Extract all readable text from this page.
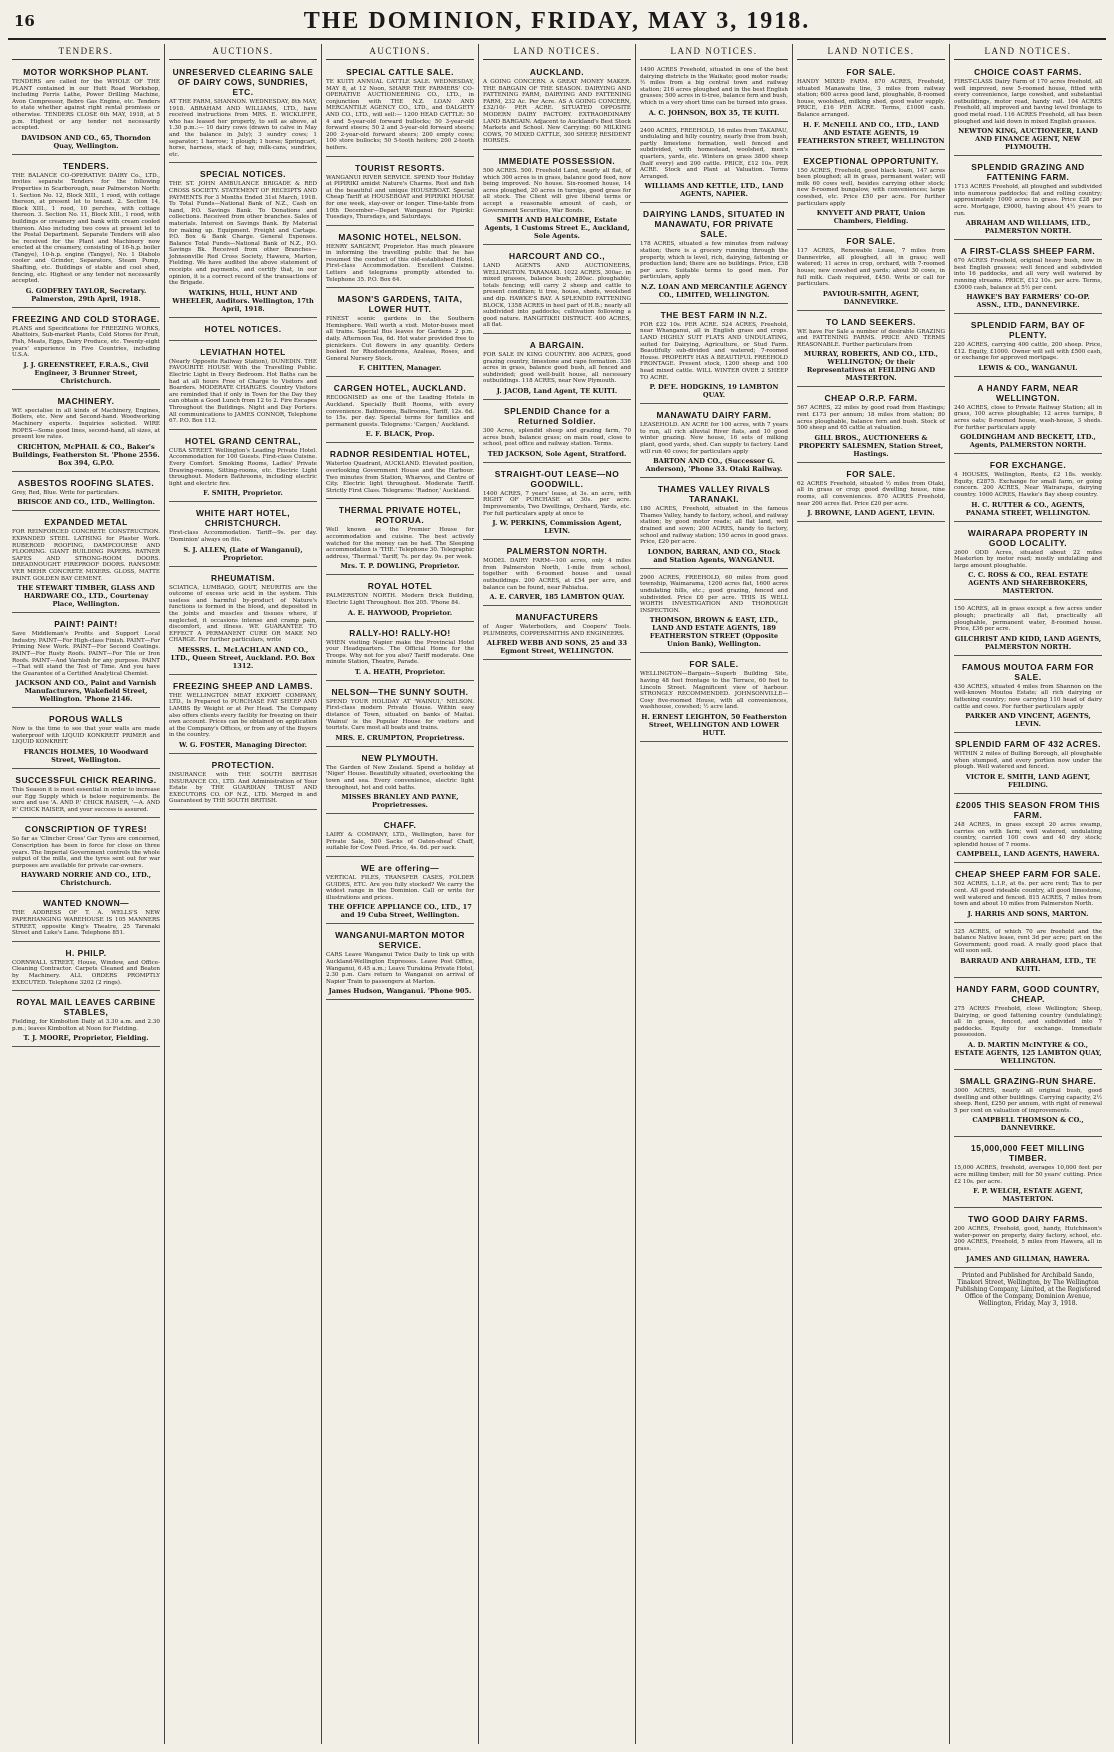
16	THE DOMINION, FRIDAY, MAY 3, 1918.
TENDERS.
MOTOR WORKSHOP PLANT.
TENDERS are called for the WHOLE OF THE PLANT contained in our Hutt Road Workshop, including Ferris Lathe, Power Drilling Machine, Avon Compressor, Bebro Gas Engine, etc. Tenders to state whether against right rental promises or otherwise. TENDERS CLOSE 6th MAY, 1918, at 5 p.m. Highest or any tender not necessarily accepted.
DAVIDSON AND CO., 65, Thorndon Quay, Wellington.
TENDERS.
THE BALANCE CO-OPERATIVE DAIRY Co., LTD., invites separate Tenders for the following Properties in Scarborough, near Palmerston North: 1. Section No. 12, Block XIII., 1 rood, with cottage thereon, at present let to tenant. 2. Section 14, Block XIII., 1 rood, 10 perches, with cottage thereon. 3. Section No. 11, Block XIII., 1 rood, with buildings or creamery and bank with cream cooled thereon. Also including two cows at present let to the Postal Department. Separate Tenders will also be received for the Plant and Machinery now erected at the creamery, consisting of 16-h.p. boiler (Tangye), 10-h.p. engine (Tangye), No. 1 Diabolo cooler and Grinder, Separators, Steam Pump, Shafting, etc. Buildings of stable and cool shed, fencing, etc. Highest or any tender not necessarily accepted.
G. GODFREY TAYLOR, Secretary. Palmerston, 29th April, 1918.
FREEZING AND COLD STORAGE.
PLANS and Specifications for FREEZING WORKS, Abattoirs, Sub-market Plants, Cold Stores for Fruit, Fish, Meats, Eggs, Dairy Produce, etc. Twenty-eight years' experience in Five Countries, including U.S.A.
J. J. GREENSTREET, F.R.A.S., Civil Engineer, 3 Brunner Street, Christchurch.
MACHINERY.
WE specialise in all kinds of Machinery, Engines, Boilers, etc. New and Second-hand. Woodworking Machinery experts. Inquiries solicited. WIRE ROPES—Some good lines, second-hand, all sizes, at present low rates.
CRICHTON, McPHAIL & CO., Baker's Buildings, Featherston St. 'Phone 2556. Box 394, G.P.O.
ASBESTOS ROOFING SLATES.
Grey, Red, Blue. Write for particulars.
BRISCOE AND CO., LTD., Wellington.
EXPANDED METAL
FOR REINFORCED CONCRETE CONSTRUCTION. EXPANDED STEEL LATHING for Plaster Work. RUBEROID ROOFING, DAMPCOURSE AND FLOORING. GIANT BUILDING PAPERS. RATNER SAFES AND STRONG-ROOM DOORS. DREADNOUGHT FIREPROOF DOORS. RANSOME VER MEHR CONCRETE MIXERS. GLOSS, MATTE PAINT. GOLDEN BAY CEMENT.
THE STEWART TIMBER, GLASS AND HARDWARE CO., LTD., Courtenay Place, Wellington.
PAINT! PAINT!
Save Middleman's Profits and Support Local Industry. PAINT—For High-class Finish. PAINT—For Priming New Work. PAINT—For Second Coatings. PAINT—For Rusty Roofs. PAINT—For Tile or Iron Roofs. PAINT—And Varnish for any purpose. PAINT—That will stand the Test of Time. And you have the Guarantee of a Certified Analytical Chemist.
JACKSON AND CO., Paint and Varnish Manufacturers, Wakefield Street, Wellington. 'Phone 2146.
POROUS WALLS
Now is the time to see that your walls are made waterproof with LIQUID KONKREIT PRIMER and LIQUID KONKREIT.
FRANCIS HOLMES, 10 Woodward Street, Wellington.
SUCCESSFUL CHICK REARING.
This Season it is most essential in order to increase our Egg Supply which is below requirements. Be sure and use 'A. AND P.' CHICK RAISER, '—A. AND P.' CHICK RAISER, and your success is assured.
CONSCRIPTION OF TYRES!
So far as 'Clincher Cross' Car Tyres are concerned, Conscription has been in force for close on three years. The Imperial Government controls the whole output of the mills, and the tyres sent out for war purposes are available for private car-owners.
HAYWARD NORRIE AND CO., LTD., Christchurch.
WANTED KNOWN—
THE ADDRESS OF T. A. WELLS'S NEW PAPERHANGING WAREHOUSE IS 105 MANNERS STREET, opposite King's Theatre, 25 Tarenaki Street and Luke's Lane. Telephone 851.
H. PHILP.
CORNWALL STREET, House, Window, and Office-Cleaning Contractor. Carpets Cleaned and Beaten by Machinery. ALL ORDERS PROMPTLY EXECUTED. Telephone 3202 (2 rings).
ROYAL MAIL LEAVES CARBINE STABLES,
Fielding, for Kimbolton Daily at 3.30 a.m. and 2.30 p.m.; leaves Kimbolton at Noon for Fielding.
T. J. MOORE, Proprietor, Fielding.
AUCTIONS.
UNRESERVED CLEARING SALE OF DAIRY COWS, SUNDRIES, ETC.
AT THE FARM, SHANNON. WEDNESDAY, 8th MAY, 1918. ABRAHAM AND WILLIAMS, LTD., have received instructions from MRS. E. WICKLIFFE, who has leased her property, to sell as above, at 1.30 p.m.:— 10 dairy cows (drawn to calve in May and the balance in July); 3 sundry cows; 1 separator; 1 harrow; 1 plough; 1 horse; Springcart, horse, harness, stack of hay, milk-cans, sundries, etc.
SPECIAL NOTICES.
THE ST. JOHN AMBULANCE BRIGADE & RED CROSS SOCIETY. STATEMENT OF RECEIPTS AND PAYMENTS For 3 Months Ended 31st March, 1918. To Total Funds—National Bank of N.Z., Cash on hand, P.O. Savings Bank. To Donations and collections. Received from other branches. Sales of materials. Interest on Savings Bank. By Material for making up. Equipment. Freight and Cartage. P.O. Box & Bank Charge. General Expenses. Balance Total Funds—National Bank of N.Z., P.O. Savings Bk. Received from other Branches—Johnsonville Red Cross Society, Hawera, Marton, Fielding. We have audited the above statement of receipts and payments, and certify that, in our opinion, it is a correct record of the transactions of the Brigade.
WATKINS, HULL, HUNT AND WHEELER, Auditors. Wellington, 17th April, 1918.
HOTEL NOTICES.
LEVIATHAN HOTEL
(Nearly Opposite Railway Station), DUNEDIN. THE FAVOURITE HOUSE With the Travelling Public. Electric Light in Every Bedroom. Hot Baths can be had at all hours Free of Charge to Visitors and Boarders. MODERATE CHARGES. Country Visitors are reminded that if only in Town for the Day they can obtain a Good Lunch from 12 to 2. Fire Escapes Throughout the Buildings. Night and Day Porters. All communications to JAMES CONNOR, Telephone 67. P.O. Box 112.
HOTEL GRAND CENTRAL,
CUBA STREET. Wellington's Leading Private Hotel. Accommodation for 100 Guests. First-class Cuisine. Every Comfort. Smoking Rooms, Ladies' Private Drawing-rooms, Sitting-rooms, etc. Electric Light throughout. Modern Bathrooms, including electric light and electric fire.
F. SMITH, Proprietor.
WHITE HART HOTEL, CHRISTCHURCH.
First-class Accommodation. Tariff—9s. per day. 'Dominion' always on file.
S. J. ALLEN, (Late of Wanganui), Proprietor.
RHEUMATISM.
SCIATICA, LUMBAGO, GOUT, NEURITIS are the outcome of excess uric acid in the system. This useless and harmful by-product of Nature's functions is formed in the blood, and deposited in the joints and muscles and tissues where, if neglected, it occasions intense and cramp pain, discomfort, and illness. WE GUARANTEE TO EFFECT A PERMANENT CURE OR MAKE NO CHARGE. For further particulars, write
MESSRS. L. McLACHLAN AND CO., LTD., Queen Street, Auckland. P.O. Box 1312.
FREEZING SHEEP AND LAMBS.
THE WELLINGTON MEAT EXPORT COMPANY, LTD., Is Prepared to PURCHASE FAT SHEEP AND LAMBS By Weight or at Per Head. The Company also offers clients every facility for freezing on their own account. Prices can be obtained on application at the Company's Offices, or from any of the Buyers in the country.
W. G. FOSTER, Managing Director.
PROTECTION.
INSURANCE with THE SOUTH BRITISH INSURANCE CO., LTD. And Administration of Your Estate by THE GUARDIAN TRUST AND EXECUTORS CO. OF N.Z., LTD. Merged in and Guaranteed by THE SOUTH BRITISH.
AUCTIONS.
SPECIAL CATTLE SALE.
TE KUITI ANNUAL CATTLE SALE. WEDNESDAY, MAY 8, at 12 Noon, SHARP. THE FARMERS' CO-OPERATIVE AUCTIONEERING CO., LTD., in conjunction with THE N.Z. LOAN AND MERCANTILE AGENCY CO., LTD., and DALGETY AND CO., LTD., will sell:— 1200 HEAD CATTLE: 50 4 and 5-year-old forward bullocks; 50 3-year-old forward steers; 50 2 and 3-year-old forward steers; 200 2-year-old forward steers; 200 empty cows; 100 store bullocks; 50 5-tooth heifers; 200 2-tooth heifers.
TOURIST RESORTS.
WANGANUI RIVER SERVICE. SPEND Your Holiday at PIPIRIKI amidst Nature's Charms. Rest and fish at the beautiful and unique HOUSEBOAT. Special Cheap Tariff at HOUSEBOAT and PIPIRIKI HOUSE for one week, stay-over or longer. Time-table from 10th December—Depart Wanganui for Pipiriki: Tuesdays, Thursdays, and Saturdays.
MASONIC HOTEL, NELSON.
HENRY SARGENT, Proprietor. Has much pleasure in informing the travelling public that he has resumed the conduct of this old-established Hotel. First-class Accommodation. Excellent Cuisine. Letters and telegrams promptly attended to. Telephone 35. P.O. Box 64.
MASON'S GARDENS, TAITA, LOWER HUTT.
FINEST scenic gardens in the Southern Hemisphere. Well worth a visit. Motor-buses meet all trains. Special Bus leaves for Gardens 2 p.m. daily. Afternoon Tea, 6d. Hot water provided free to picnickers. Cut flowers in any quantity. Orders booked for Rhododendrons, Azaleas, Roses, and General Nursery Stock.
F. CHITTEN, Manager.
CARGEN HOTEL, AUCKLAND.
RECOGNISED as one of the Leading Hotels in Auckland. Specially Built Rooms, with every convenience. Bathrooms, Ballrooms, Tariff, 12s. 6d. to 15s. per day. Special terms for families and permanent guests. Telegrams: 'Cargen,' Auckland.
E. F. BLACK, Prop.
RADNOR RESIDENTIAL HOTEL,
Waterloo Quadrant, AUCKLAND. Elevated position, overlooking Government House and the Harbour. Two minutes from Station, Wharves, and Centre of City. Electric light throughout. Moderate Tariff. Strictly First Class. Telegrams: 'Radnor,' Auckland.
THERMAL PRIVATE HOTEL, ROTORUA.
Well known as the Premier House for accommodation and cuisine. The best actively watched for the money can be had. The Sleeping accommodation is 'THE.' Telephone 30. Telegraphic address, 'Thermal.' Tariff, 7s. per day. 9s. per week.
Mrs. T. P. DOWLING, Proprietor.
ROYAL HOTEL
PALMERSTON NORTH. Modern Brick Building, Electric Light Throughout. Box 205. 'Phone 84.
A. E. HAYWOOD, Proprietor.
RALLY-HO! RALLY-HO!
WHEN visiting Napier make the Provincial Hotel your Headquarters. The Official Home for the Troops. Why not for you also? Tariff moderate. One minute Station, Theatre, Parade.
T. A. HEATH, Proprietor.
NELSON—THE SUNNY SOUTH.
SPEND YOUR HOLIDAY AT 'WAINUI,' NELSON. First-class modern Private House. Within easy distance of Town, situated on banks of Maitai. 'Wainui' is the Popular House for visitors and tourists. Care most all boats and trains.
MRS. E. CRUMPTON, Proprietress.
NEW PLYMOUTH.
The Garden of New Zealand. Spend a holiday at 'Niger' House. Beautifully situated, overlooking the town and sea. Every convenience, electric light throughout, hot and cold baths.
MISSES BRANLEY AND PAYNE, Proprietresses.
CHAFF.
LAIRY & COMPANY, LTD., Wellington, have for Private Sale, 500 Sacks of Oaten-sheaf Chaff, suitable for Cow Feed. Price, 4s. 6d. per sack.
WE are offering—
VERTICAL FILES, TRANSFER CASES, FOLDER GUIDES, ETC. Are you fully stocked? We carry the widest range in the Dominion. Call or write for illustrations and prices.
THE OFFICE APPLIANCE CO., LTD., 17 and 19 Cuba Street, Wellington.
WANGANUI-MARTON MOTOR SERVICE.
CARS Leave Wanganui Twice Daily to link up with Auckland-Wellington Expresses. Leave Post Office, Wanganui, 6.45 a.m.; Leave Turakina Private Hotel, 2.30 p.m. Cars return to Wanganui on arrival of Napier Train to passengers at Marton.
James Hudson, Wanganui. 'Phone 905.
LAND NOTICES.
AUCKLAND.
A GOING CONCERN. A GREAT MONEY MAKER. THE BARGAIN OF THE SEASON. DAIRYING AND FATTENING FARM, DAIRYING AND FATTENING FARM, 232 Ac. Per Acre. AS A GOING CONCERN, £32/10/- PER ACRE. SITUATED OPPOSITE MODERN DAIRY FACTORY. EXTRAORDINARY LAND BARGAIN. Adjacent to Auckland's Best Stock Markets and School. New Carrying: 60 MILKING COWS, 70 MIXED CATTLE, 300 SHEEP, RESIDENT HORSES.
IMMEDIATE POSSESSION.
500 ACRES. 500. Freehold Land, nearly all flat, of which 300 acres is in grass, balance good feed, now being improved. No house. Six-roomed house, 14 acres ploughed, 20 acres in turnips, good grass for all stock. The Client will give liberal terms or accept a reasonable amount of cash, or Government Securities, War Bonds.
SMITH AND HALCOMBE, Estate Agents, 1 Customs Street E., Auckland, Sole Agents.
HARCOURT AND CO.,
LAND AGENTS AND AUCTIONEERS, WELLINGTON. TARANAKI. 1022 ACRES, 300ac. in mixed grasses, balance bush; 280ac. ploughable; totals fencing; will carry 2 sheep and cattle to present condition; ti tree, house, sheds, woolshed and dip. HAWKE'S BAY. A SPLENDID FATTENING BLOCK, 1358 ACRES in heel part of H.B.; nearly all subdivided into paddocks; cultivation following a good nature. RANGITIKEI DISTRICT. 400 ACRES, all flat.
A BARGAIN.
FOR SALE IN KING COUNTRY. 806 ACRES, good grazing country, limestone and rape formation. 336 acres in grass, balance good bush, all fenced and subdivided; good well-built house, all necessary outbuildings. 118 ACRES, near New Plymouth.
J. JACOB, Land Agent, TE KUITI.
SPLENDID Chance for a Returned Soldier.
300 Acres, splendid sheep and grazing farm, 70 acres bush, balance grass; on main road, close to school, post office and railway station. Terms.
TED JACKSON, Sole Agent, Stratford.
STRAIGHT-OUT LEASE—NO GOODWILL.
1400 ACRES, 7 years' lease, at 3s. an acre, with RIGHT OF PURCHASE at 30s. per acre. Improvements, Two Dwellings, Orchard, Yards, etc. For full particulars apply at once to
J. W. PERKINS, Commission Agent, LEVIN.
PALMERSTON NORTH.
MODEL DAIRY FARM—100 acres, only 4 miles from Palmerston North, 1-mile from school, together with 6-roomed house and usual outbuildings. 200 ACRES, at £54 per acre, and balance can be found, near Pahiatua.
A. E. CARVER, 185 LAMBTON QUAY.
MANUFACTURERS
of Auger Waterboilers, and Coopers' Tools. PLUMBERS, COPPERSMITHS AND ENGINEERS.
ALFRED WEBB AND SONS, 25 and 33 Egmont Street, WELLINGTON.
LAND NOTICES.
1490 ACRES Freehold, situated in one of the best dairying districts in the Waikato; good motor roads; ½ miles from a big central town and railway station; 216 acres ploughed and in the best English grasses; 500 acres in ti-tree, balance fern and bush, which in a very short time can be turned into grass.
A. C. JOHNSON, BOX 35, TE KUITI.
2400 ACRES, FREEHOLD, 16 miles from TAKAPAU, undulating and hilly country, nearly free from bush, partly limestone formation, well fenced and subdivided, with homestead, woolshed, men's quarters, yards, etc. Winters on grass 3800 sheep (half every) and 200 cattle. PRICE, £12 10s. PER ACRE. Stock and Plant at Valuation. Terms Arranged.
WILLIAMS AND KETTLE, LTD., LAND AGENTS, NAPIER.
DAIRYING LANDS, SITUATED IN MANAWATU, FOR PRIVATE SALE.
178 ACRES, situated a few minutes from railway station; there is a grocery running through the property, which is level, rich, dairying, fattening or production land; there are no buildings. Price, £38 per acre. Suitable terms to good men. For particulars, apply
N.Z. LOAN AND MERCANTILE AGENCY CO., LIMITED, WELLINGTON.
THE BEST FARM IN N.Z.
FOR £22 10s. PER ACRE. 524 ACRES, Freehold, near Whanganui, all in English grass and crops. LAND HIGHLY SUIT FLATS AND UNDULATING, suited for Dairying, Agriculture, or Stud Farm. Beautifully sub-divided and watered; 7-roomed House. PROPERTY HAS A BEAUTIFUL FREEHOLD FRONTAGE. Present stock, 1200 sheep and 100 head mixed cattle. WILL WINTER OVER 2 SHEEP TO ACRE.
P. DE'E. HODGKINS, 19 LAMBTON QUAY.
MANAWATU DAIRY FARM.
LEASEHOLD. AN ACRE for 100 acres, with 7 years to run, all rich alluvial River flats, and 10 good winter grazing. New house, 16 sets of milking plant, good yards, shed. Can supply to factory. Land will run 40 cows; for particulars apply
BARTON AND CO., (Successor G. Anderson), 'Phone 33. Otaki Railway.
THAMES VALLEY RIVALS TARANAKI.
180 ACRES, Freehold, situated in the famous Thames Valley, handy to factory, school, and railway station; by good motor roads; all flat land, well drained and sown; 200 ACRES, handy to factory, school and railway station; 150 acres in good grass. Price, £20 per acre.
LONDON, BARRAN, AND CO., Stock and Station Agents, WANGANUI.
2900 ACRES, FREEHOLD, 60 miles from good township, Waimarama, 1200 acres flat, 1600 acres undulating hills, etc.; good grazing, fenced and subdivided. Price £6 per acre. THIS IS WELL WORTH INVESTIGATION AND THOROUGH INSPECTION.
THOMSON, BROWN & EAST, LTD., LAND AND ESTATE AGENTS, 189 FEATHERSTON STREET (Opposite Union Bank), Wellington.
FOR SALE.
WELLINGTON—Bargain—Superb Building Site, having 48 feet frontage to the Terrace, 60 feet to Lincoln Street. Magnificent view of harbour. STRONGLY RECOMMENDED. JOHNSONVILLE—Cosy five-roomed House, with all conveniences, washhouse, cowshed; ½ acre land.
H. ERNEST LEIGHTON, 50 Featherston Street, WELLINGTON AND LOWER HUTT.
LAND NOTICES.
FOR SALE.
HANDY MIXED FARM. 870 ACRES, Freehold, situated Manawatu line, 3 miles from railway station; 600 acres good land, ploughable, 8-roomed house, woolshed, milking shed, good water supply. PRICE, £16 PER ACRE. Terms, £1000 cash. Balance arranged.
H. F. McNEILL AND CO., LTD., LAND AND ESTATE AGENTS, 19 FEATHERSTON STREET, WELLINGTON
EXCEPTIONAL OPPORTUNITY.
150 ACRES, Freehold, good black loam, 147 acres been ploughed; all in grass, permanent water; will milk 60 cows well, besides carrying other stock; new 8-roomed bungalow, with conveniences; large cowshed, etc. Price £50 per acre. For further particulars apply
KNYVETT AND PRATT, Union Chambers, Fielding.
FOR SALE.
117 ACRES, Renewable Lease, 7 miles from Dannevirke, all ploughed, all in grass; well watered; 11 acres in crop, orchard, with 7-roomed house; new cowshed and yards; about 30 cows, in full milk. Cash required, £450. Write or call for particulars.
PAVIOUR-SMITH, AGENT, DANNEVIRKE.
TO LAND SEEKERS.
WE have For Sale a number of desirable GRAZING and FATTENING FARMS. PRICE AND TERMS REASONABLE. Further particulars from
MURRAY, ROBERTS, AND CO., LTD., WELLINGTON; Or their Representatives at FEILDING AND MASTERTON.
CHEAP O.R.P. FARM.
567 ACRES, 22 miles by good road from Hastings; rent £173 per annum; 18 miles from station; 80 acres ploughable, balance fern and bush. Stock of 500 sheep and 65 cattle at valuation.
GILL BROS., AUCTIONEERS & PROPERTY SALESMEN, Station Street, Hastings.
FOR SALE.
62 ACRES Freehold, situated ½ miles from Otaki, all in grass or crop; good dwelling house, nine rooms, all conveniences. 870 ACRES Freehold, near 200 acres flat. Price £20 per acre.
J. BROWNE, LAND AGENT, LEVIN.
LAND NOTICES.
CHOICE COAST FARMS.
FIRST-CLASS Dairy Farm of 170 acres freehold, all well improved, new 5-roomed house, fitted with every convenience, large cowshed, and substantial outbuildings, motor road, handy rail. 104 ACRES Freehold, all improved and having level frontage to good metal road. 116 ACRES Freehold, all has been ploughed and laid down in mixed English grasses.
NEWTON KING, AUCTIONEER, LAND AND FINANCE AGENT, NEW PLYMOUTH.
SPLENDID GRAZING AND FATTENING FARM.
1713 ACRES Freehold, all ploughed and subdivided into numerous paddocks; flat and rolling country; approximately 1000 acres in grass. Price £28 per acre. Mortgage, £9000, having about 4½ years to run.
ABRAHAM AND WILLIAMS, LTD., PALMERSTON NORTH.
A FIRST-CLASS SHEEP FARM.
670 ACRES Freehold, original heavy bush, now in best English grasses; well fenced and subdivided into 16 paddocks, and all very well watered by running streams. PRICE, £12 10s. per acre. Terms, £3000 cash, balance at 5½ per cent.
HAWKE'S BAY FARMERS' CO-OP. ASSN., LTD., DANNEVIRKE.
SPLENDID FARM, BAY OF PLENTY.
220 ACRES, carrying 400 cattle, 200 sheep. Price, £12. Equity, £1000. Owner will sell with £500 cash, or exchange for approved mortgage.
LEWIS & CO., WANGANUI.
A HANDY FARM, NEAR WELLINGTON.
240 ACRES, close to Private Railway Station; all in grass, 100 acres ploughable; 12 acres turnips, 8 acres oats; 8-roomed house, wash-house, 3 sheds. For further particulars apply
GOLDINGHAM AND BECKETT, LTD., Agents, PALMERSTON NORTH.
FOR EXCHANGE.
4 HOUSES, Wellington, Rents, £2 18s. weekly. Equity, £2875. Exchange for small farm, or going concern. 200 ACRES, Near Wairarapa, dairying country. 1000 ACRES, Hawke's Bay sheep country.
H. C. RUTTER & CO., AGENTS, PANAMA STREET, WELLINGTON.
WAIRARAPA PROPERTY IN GOOD LOCALITY.
2600 ODD Acres, situated about 22 miles Masterton by motor road; mostly undulating and large amount ploughable.
C. C. ROSS & CO., REAL ESTATE AGENTS AND SHAREBROKERS, MASTERTON.
150 ACRES, all in grass except a few acres under plough; practically all flat, practically all ploughable, permanent water, 8-roomed house. Price, £36 per acre.
GILCHRIST AND KIDD, LAND AGENTS, PALMERSTON NORTH.
FAMOUS MOUTOA FARM FOR SALE.
430 ACRES, situated 4 miles from Shannon on the well-known Moutoa Estate; all rich dairying or fattening country; now carrying 110 head of dairy cattle and cows. For further particulars apply
PARKER AND VINCENT, AGENTS, LEVIN.
SPLENDID FARM OF 432 ACRES.
WITHIN 2 miles of Bulling Borough, all ploughable when stumped, and every portion now under the plough. Well watered and fenced.
VICTOR E. SMITH, LAND AGENT, FEILDING.
£2005 THIS SEASON FROM THIS FARM.
248 ACRES, in grass except 20 acres swamp, carries on with farm; well watered, undulating country, carried 100 cows and 40 dry stock; splendid house of 7 rooms.
CAMPBELL, LAND AGENTS, HAWERA.
CHEAP SHEEP FARM FOR SALE.
502 ACRES, L.I.P., at 6s. per acre rent; Tax to per cent. All good rideable country, all good limestone, well watered and fenced. 815 ACRES, 7 miles from town and about 10 miles from Palmerston North.
J. HARRIS AND SONS, MARTON.
325 ACRES, of which 70 are freehold and the balance Native lease, rent 3d per acre; part on the Government; good road. A really good place that will soon sell.
BARRAUD AND ABRAHAM, LTD., TE KUITI.
HANDY FARM, GOOD COUNTRY, CHEAP.
275 ACRES Freehold, close Wellington; Sheep, Dairying, or good fattening country (undulating); all in grass, fenced, and subdivided into 7 paddocks. Equity for exchange. Immediate possession.
A. D. MARTIN McINTYRE & CO., ESTATE AGENTS, 125 LAMBTON QUAY, WELLINGTON.
SMALL GRAZING-RUN SHARE.
3000 ACRES, nearly all original bush, good dwelling and other buildings. Carrying capacity, 2½ sheep. Rent, £250 per annum, with right of renewal 5 per cent on valuation of improvements.
CAMPBELL THOMSON & CO., DANNEVIRKE.
15,000,000 FEET MILLING TIMBER.
15,000 ACRES, freehold, averages 10,000 feet per acre milling timber; mill for 50 years' cutting. Price £2 10s. per acre.
F. P. WELCH, ESTATE AGENT, MASTERTON.
TWO GOOD DAIRY FARMS.
200 ACRES, Freehold, good, handy, Hutchinson's water-power on property, dairy factory, school, etc. 200 ACRES, Freehold, 5 miles from Hawera, all in grass.
JAMES AND GILLMAN, HAWERA.
Printed and Published for Archibald Sando, Tinakori Street, Wellington, by The Wellington Publishing Company, Limited, at the Registered Office of the Company, Dominion Avenue, Wellington, Friday, May 3, 1918.
